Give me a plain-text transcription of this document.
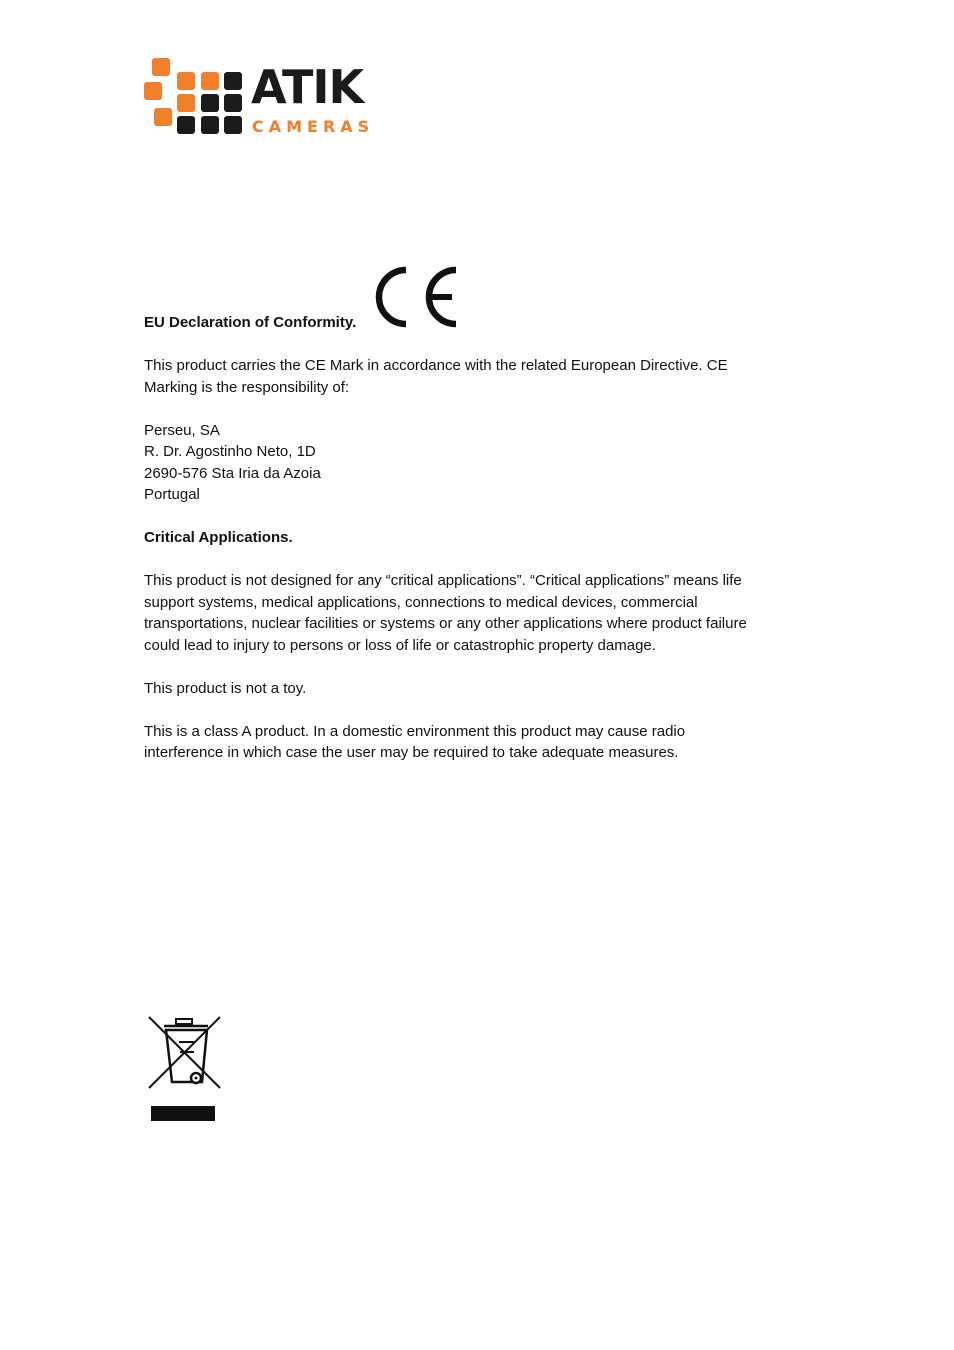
ATIK
CAMERAS
EU Declaration of Conformity.

This product carries the CE Mark in accordance with the related European Directive. CE

Marking is the responsibility of:

Perseu, SA

R. Dr. Agostinho Neto, 1D

2690-576 Sta Iria da Azoia

Portugal

Critical Applications.

This product is not designed for any “critical applications”. “Critical applications” means life

support systems, medical applications, connections to medical devices, commercial

transportations, nuclear facilities or systems or any other applications where product failure

could lead to injury to persons or loss of life or catastrophic property damage.

This product is not a toy.

This is a class A product. In a domestic environment this product may cause radio

interference in which case the user may be required to take adequate measures.
